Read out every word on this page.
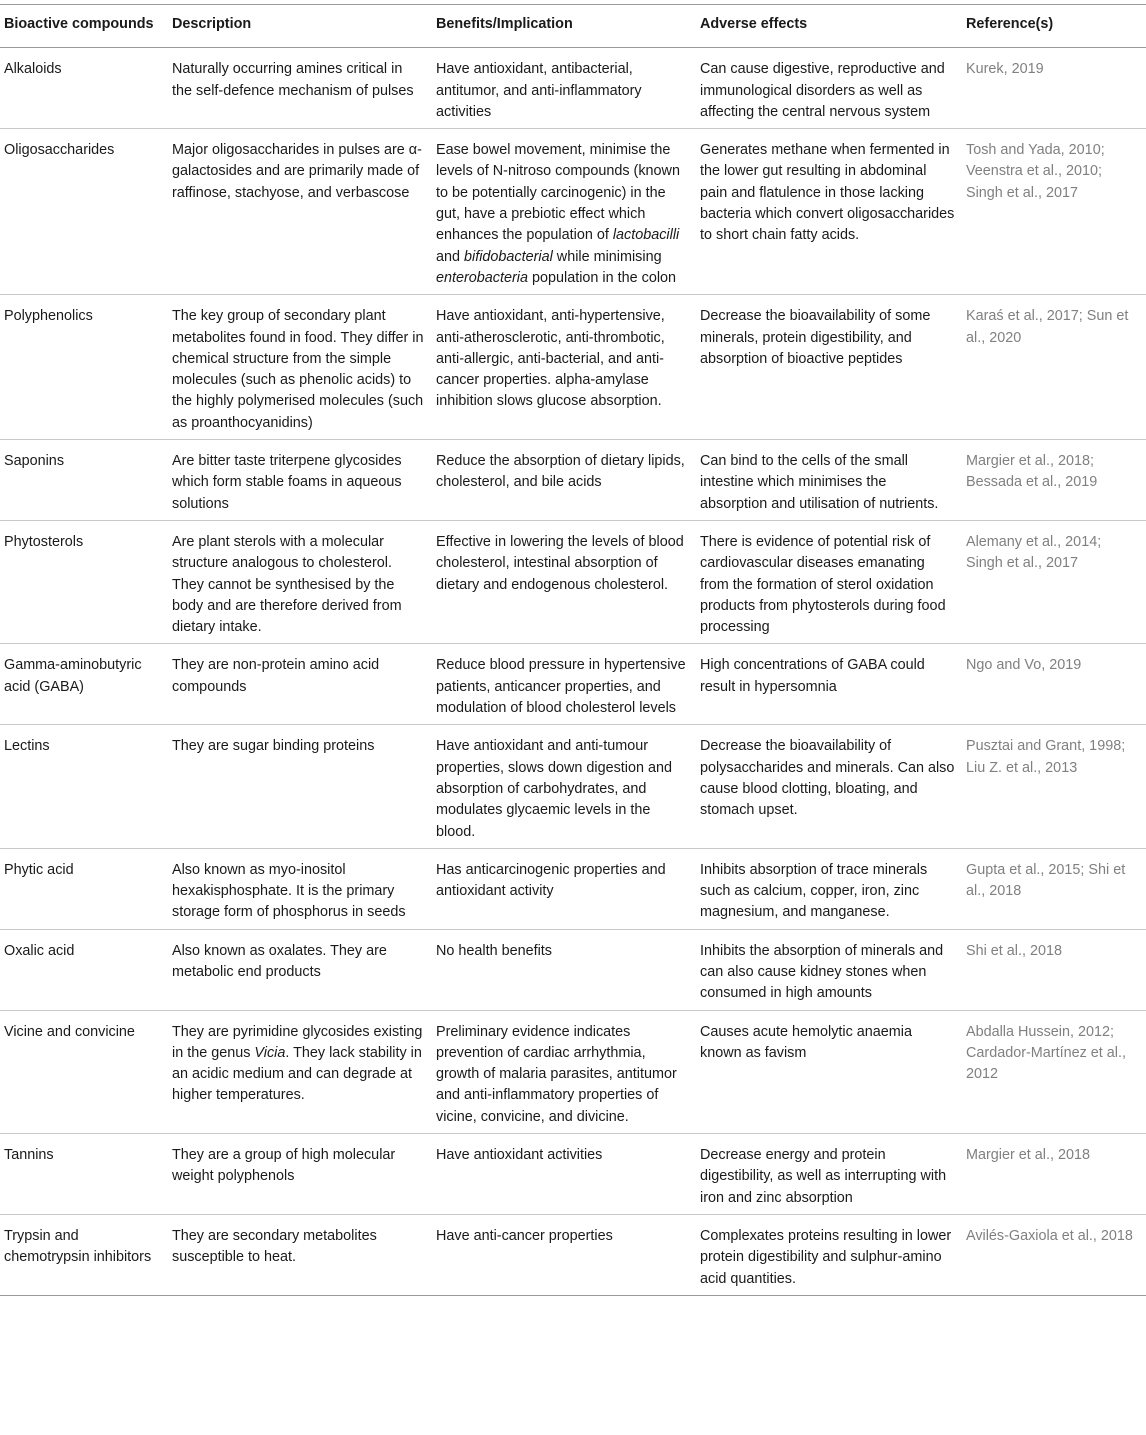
Bioactive compounds	Description	Benefits/Implication	Adverse effects	Reference(s)
Alkaloids	Naturally occurring amines critical in the self-defence mechanism of pulses	Have antioxidant, antibacterial, antitumor, and anti-inflammatory activities	Can cause digestive, reproductive and immunological disorders as well as affecting the central nervous system	Kurek, 2019
Oligosaccharides	Major oligosaccharides in pulses are α-galactosides and are primarily made of raffinose, stachyose, and verbascose	Ease bowel movement, minimise the levels of N-nitroso compounds (known to be potentially carcinogenic) in the gut, have a prebiotic effect which enhances the population of lactobacilli and bifidobacterial while minimising enterobacteria population in the colon	Generates methane when fermented in the lower gut resulting in abdominal pain and flatulence in those lacking bacteria which convert oligosaccharides to short chain fatty acids.	Tosh and Yada, 2010; Veenstra et al., 2010; Singh et al., 2017
Polyphenolics	The key group of secondary plant metabolites found in food. They differ in chemical structure from the simple molecules (such as phenolic acids) to the highly polymerised molecules (such as proanthocyanidins)	Have antioxidant, anti-hypertensive, anti-atherosclerotic, anti-thrombotic, anti-allergic, anti-bacterial, and anti-cancer properties. alpha-amylase inhibition slows glucose absorption.	Decrease the bioavailability of some minerals, protein digestibility, and absorption of bioactive peptides	Karaś et al., 2017; Sun et al., 2020
Saponins	Are bitter taste triterpene glycosides which form stable foams in aqueous solutions	Reduce the absorption of dietary lipids, cholesterol, and bile acids	Can bind to the cells of the small intestine which minimises the absorption and utilisation of nutrients.	Margier et al., 2018; Bessada et al., 2019
Phytosterols	Are plant sterols with a molecular structure analogous to cholesterol. They cannot be synthesised by the body and are therefore derived from dietary intake.	Effective in lowering the levels of blood cholesterol, intestinal absorption of dietary and endogenous cholesterol.	There is evidence of potential risk of cardiovascular diseases emanating from the formation of sterol oxidation products from phytosterols during food processing	Alemany et al., 2014; Singh et al., 2017
Gamma-aminobutyric acid (GABA)	They are non-protein amino acid compounds	Reduce blood pressure in hypertensive patients, anticancer properties, and modulation of blood cholesterol levels	High concentrations of GABA could result in hypersomnia	Ngo and Vo, 2019
Lectins	They are sugar binding proteins	Have antioxidant and anti-tumour properties, slows down digestion and absorption of carbohydrates, and modulates glycaemic levels in the blood.	Decrease the bioavailability of polysaccharides and minerals. Can also cause blood clotting, bloating, and stomach upset.	Pusztai and Grant, 1998; Liu Z. et al., 2013
Phytic acid	Also known as myo-inositol hexakisphosphate. It is the primary storage form of phosphorus in seeds	Has anticarcinogenic properties and antioxidant activity	Inhibits absorption of trace minerals such as calcium, copper, iron, zinc magnesium, and manganese.	Gupta et al., 2015; Shi et al., 2018
Oxalic acid	Also known as oxalates. They are metabolic end products	No health benefits	Inhibits the absorption of minerals and can also cause kidney stones when consumed in high amounts	Shi et al., 2018
Vicine and convicine	They are pyrimidine glycosides existing in the genus Vicia. They lack stability in an acidic medium and can degrade at higher temperatures.	Preliminary evidence indicates prevention of cardiac arrhythmia, growth of malaria parasites, antitumor and anti-inflammatory properties of vicine, convicine, and divicine.	Causes acute hemolytic anaemia known as favism	Abdalla Hussein, 2012; Cardador-Martínez et al., 2012
Tannins	They are a group of high molecular weight polyphenols	Have antioxidant activities	Decrease energy and protein digestibility, as well as interrupting with iron and zinc absorption	Margier et al., 2018
Trypsin and chemotrypsin inhibitors	They are secondary metabolites susceptible to heat.	Have anti-cancer properties	Complexates proteins resulting in lower protein digestibility and sulphur-amino acid quantities.	Avilés-Gaxiola et al., 2018
